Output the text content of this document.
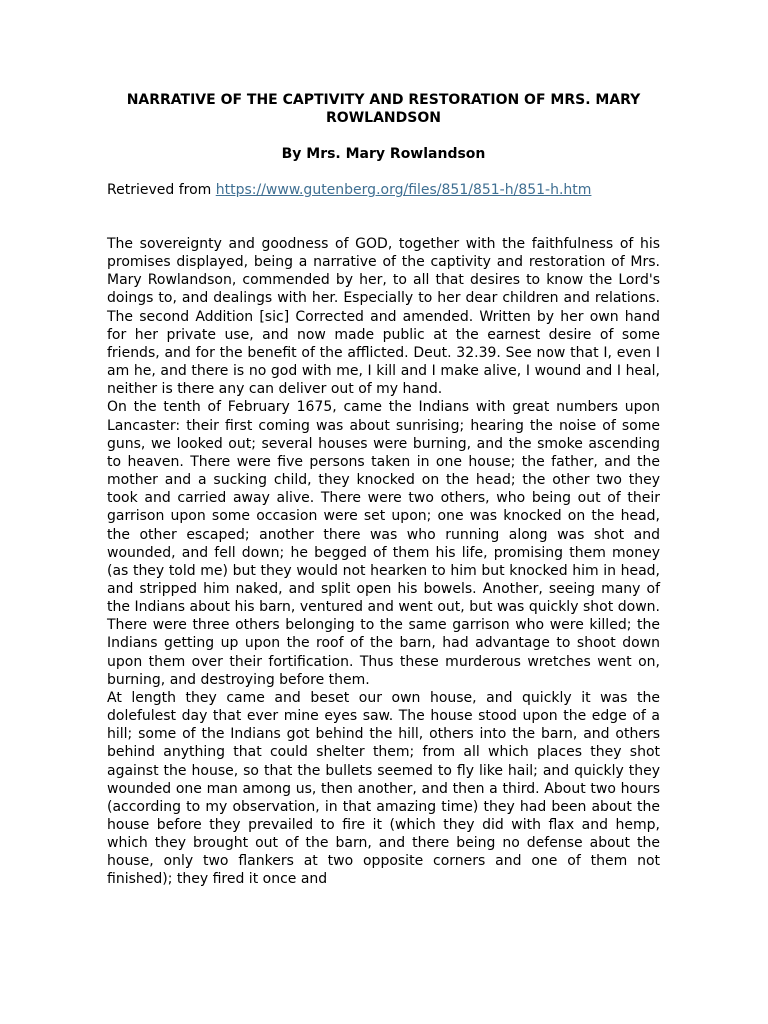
NARRATIVE OF THE CAPTIVITY AND RESTORATION OF MRS. MARY ROWLANDSON

By Mrs. Mary Rowlandson

Retrieved from https://www.gutenberg.org/files/851/851-h/851-h.htm

The sovereignty and goodness of GOD, together with the faithfulness of his promises displayed, being a narrative of the captivity and restoration of Mrs. Mary Rowlandson, commended by her, to all that desires to know the Lord's doings to, and dealings with her. Especially to her dear children and relations. The second Addition [sic] Corrected and amended. Written by her own hand for her private use, and now made public at the earnest desire of some friends, and for the benefit of the afflicted. Deut. 32.39. See now that I, even I am he, and there is no god with me, I kill and I make alive, I wound and I heal, neither is there any can deliver out of my hand.

On the tenth of February 1675, came the Indians with great numbers upon Lancaster: their first coming was about sunrising; hearing the noise of some guns, we looked out; several houses were burning, and the smoke ascending to heaven. There were five persons taken in one house; the father, and the mother and a sucking child, they knocked on the head; the other two they took and carried away alive. There were two others, who being out of their garrison upon some occasion were set upon; one was knocked on the head, the other escaped; another there was who running along was shot and wounded, and fell down; he begged of them his life, promising them money (as they told me) but they would not hearken to him but knocked him in head, and stripped him naked, and split open his bowels. Another, seeing many of the Indians about his barn, ventured and went out, but was quickly shot down. There were three others belonging to the same garrison who were killed; the Indians getting up upon the roof of the barn, had advantage to shoot down upon them over their fortification. Thus these murderous wretches went on, burning, and destroying before them.

At length they came and beset our own house, and quickly it was the dolefulest day that ever mine eyes saw. The house stood upon the edge of a hill; some of the Indians got behind the hill, others into the barn, and others behind anything that could shelter them; from all which places they shot against the house, so that the bullets seemed to fly like hail; and quickly they wounded one man among us, then another, and then a third. About two hours (according to my observation, in that amazing time) they had been about the house before they prevailed to fire it (which they did with flax and hemp, which they brought out of the barn, and there being no defense about the house, only two flankers at two opposite corners and one of them not finished); they fired it once and
